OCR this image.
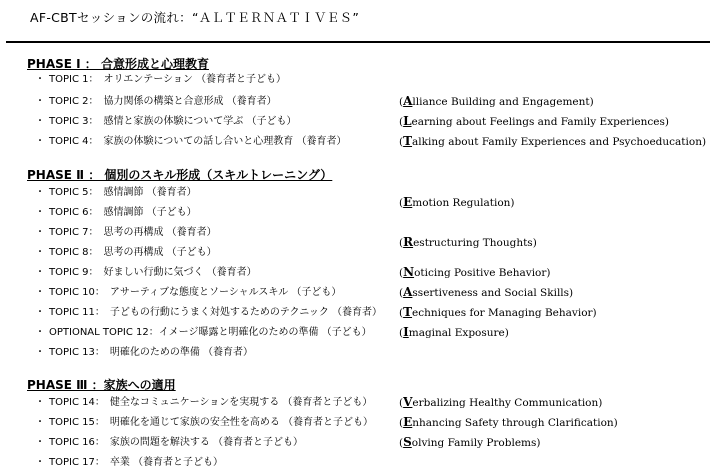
AF-CBTセッションの流れ：“ＡＬＴＥＲＮＡＴＩＶＥＳ”
PHASE Ⅰ ： 合意形成と心理教育
・ TOPIC 1：　オリエンテーション （養育者と子ども）
・ TOPIC 2：　協力関係の構築と合意形成 （養育者）
・ TOPIC 3：　感情と家族の体験について学ぶ （子ども）
・ TOPIC 4：　家族の体験についての話し合いと心理教育 （養育者）
(Alliance Building and Engagement)
(Learning about Feelings and Family Experiences)
(Talking about Family Experiences and Psychoeducation)
PHASE Ⅱ ： 個別のスキル形成（スキルトレーニング）
・ TOPIC 5：　感情調節 （養育者）
・ TOPIC 6：　感情調節 （子ども）
・ TOPIC 7：　思考の再構成 （養育者）
・ TOPIC 8：　思考の再構成 （子ども）
・ TOPIC 9：　好ましい行動に気づく （養育者）
・ TOPIC 10：　アサーティブな態度とソーシャルスキル （子ども）
・ TOPIC 11：　子どもの行動にうまく対処するためのテクニック （養育者）
・ OPTIONAL TOPIC 12：イメージ曝露と明確化のための準備 （子ども）
・ TOPIC 13：　明確化のための準備 （養育者）
(Emotion Regulation)
(Restructuring Thoughts)
(Noticing Positive Behavior)
(Assertiveness and Social Skills)
(Techniques for Managing Behavior)
(Imaginal Exposure)
PHASE Ⅲ ：家族への適用
・ TOPIC 14：　健全なコミュニケーションを実現する （養育者と子ども）
・ TOPIC 15：　明確化を通じて家族の安全性を高める （養育者と子ども）
・ TOPIC 16：　家族の問題を解決する （養育者と子ども）
・ TOPIC 17：　卒業 （養育者と子ども）
(Verbalizing Healthy Communication)
(Enhancing Safety through Clarification)
(Solving Family Problems)
